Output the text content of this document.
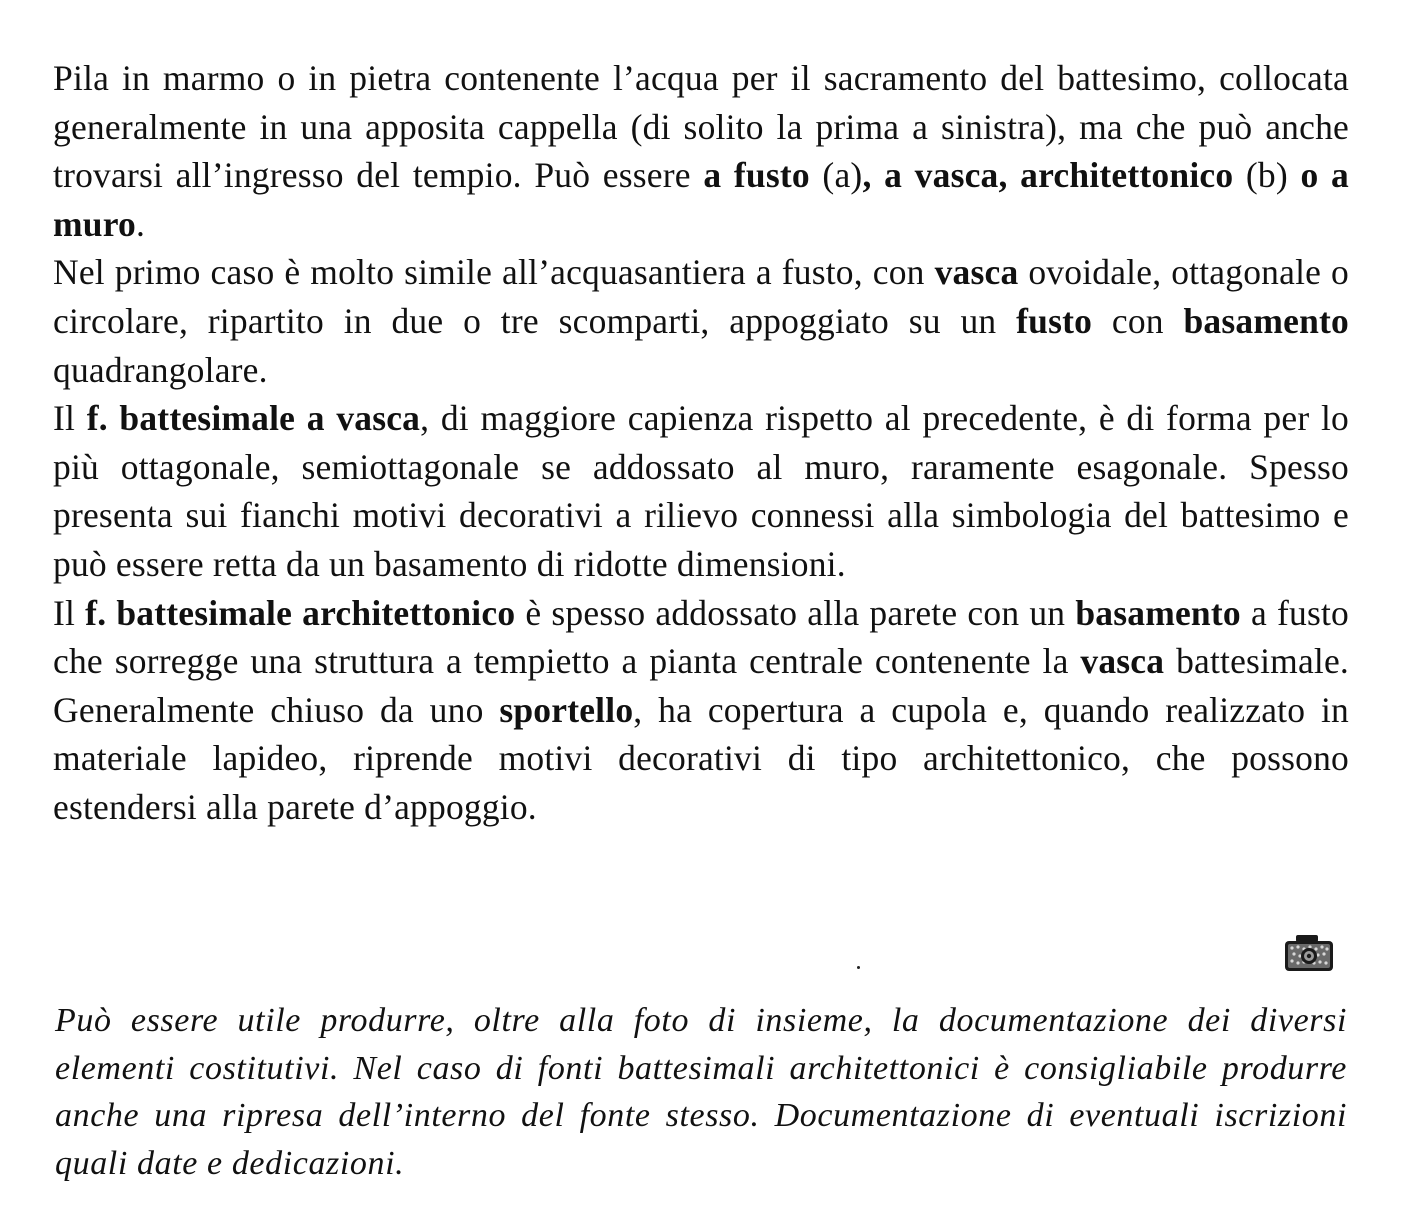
Pila in marmo o in pietra contenente l’acqua per il sacramento del battesimo, collocata generalmente in una apposita cappella (di solito la prima a sinistra), ma che può anche trovarsi all’ingresso del tempio. Può essere a fusto (a), a vasca, architettonico (b) o a muro.

Nel primo caso è molto simile all’acquasantiera a fusto, con vasca ovoidale, ottagonale o circolare, ripartito in due o tre scomparti, appoggiato su un fusto con basamento quadrangolare.

Il f. battesimale a vasca, di maggiore capienza rispetto al precedente, è di forma per lo più ottagonale, semiottagonale se addossato al muro, raramente esagonale. Spesso presenta sui fianchi motivi decorativi a rilievo connessi alla simbologia del battesimo e può essere retta da un basamento di ridotte dimensioni.

Il f. battesimale architettonico è spesso addossato alla parete con un basamento a fusto che sorregge una struttura a tempietto a pianta centrale contenente la vasca battesimale. Generalmente chiuso da uno sportello, ha copertura a cupola e, quando realizzato in materiale lapideo, riprende motivi decorativi di tipo architettonico, che possono estendersi alla parete d’appoggio.

Può essere utile produrre, oltre alla foto di insieme, la documentazione dei diversi elementi costitutivi. Nel caso di fonti battesimali architettonici è consigliabile produrre anche una ripresa dell’interno del fonte stesso. Documentazione di eventuali iscrizioni quali date e dedicazioni.
